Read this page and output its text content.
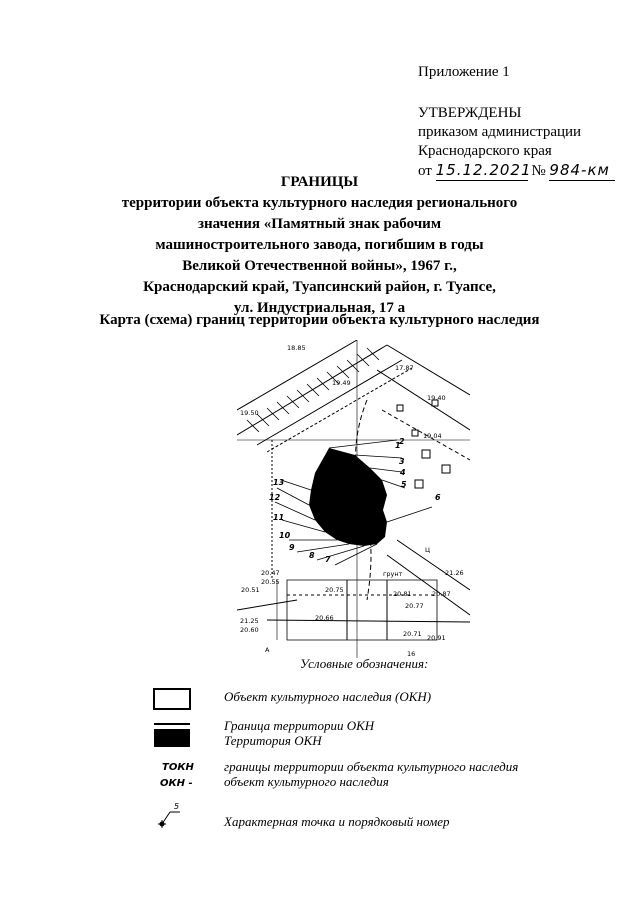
Приложение 1
УТВЕРЖДЕНЫ
приказом администрации
Краснодарского края
от 15.12.2021 № 984-км
ГРАНИЦЫ
территории объекта культурного наследия регионального
значения «Памятный знак рабочим
машиностроительного завода, погибшим в годы
Великой Отечественной войны», 1967 г.,
Краснодарский край, Туапсинский район, г. Туапсе,
ул. Индустриальная, 17 а
Карта (схема) границ территории объекта культурного наследия
1
2
3
4
5
6
7
8
9
10
11
12
13
18.85
19.50
19.49
19.40
19.04
20.47
20.55
20.51	20.75	20.81
20.66
21.25
20.60
20.87
20.77
20.71 20.91
17.87
21.26
грунт
А	16
Ц
Условные обозначения:
Объект культурного наследия (ОКН)
Граница территории ОКН
Территория ОКН
ТОКН
ОКН -
границы территории объекта культурного наследия
объект культурного наследия
5
Характерная точка и порядковый номер
